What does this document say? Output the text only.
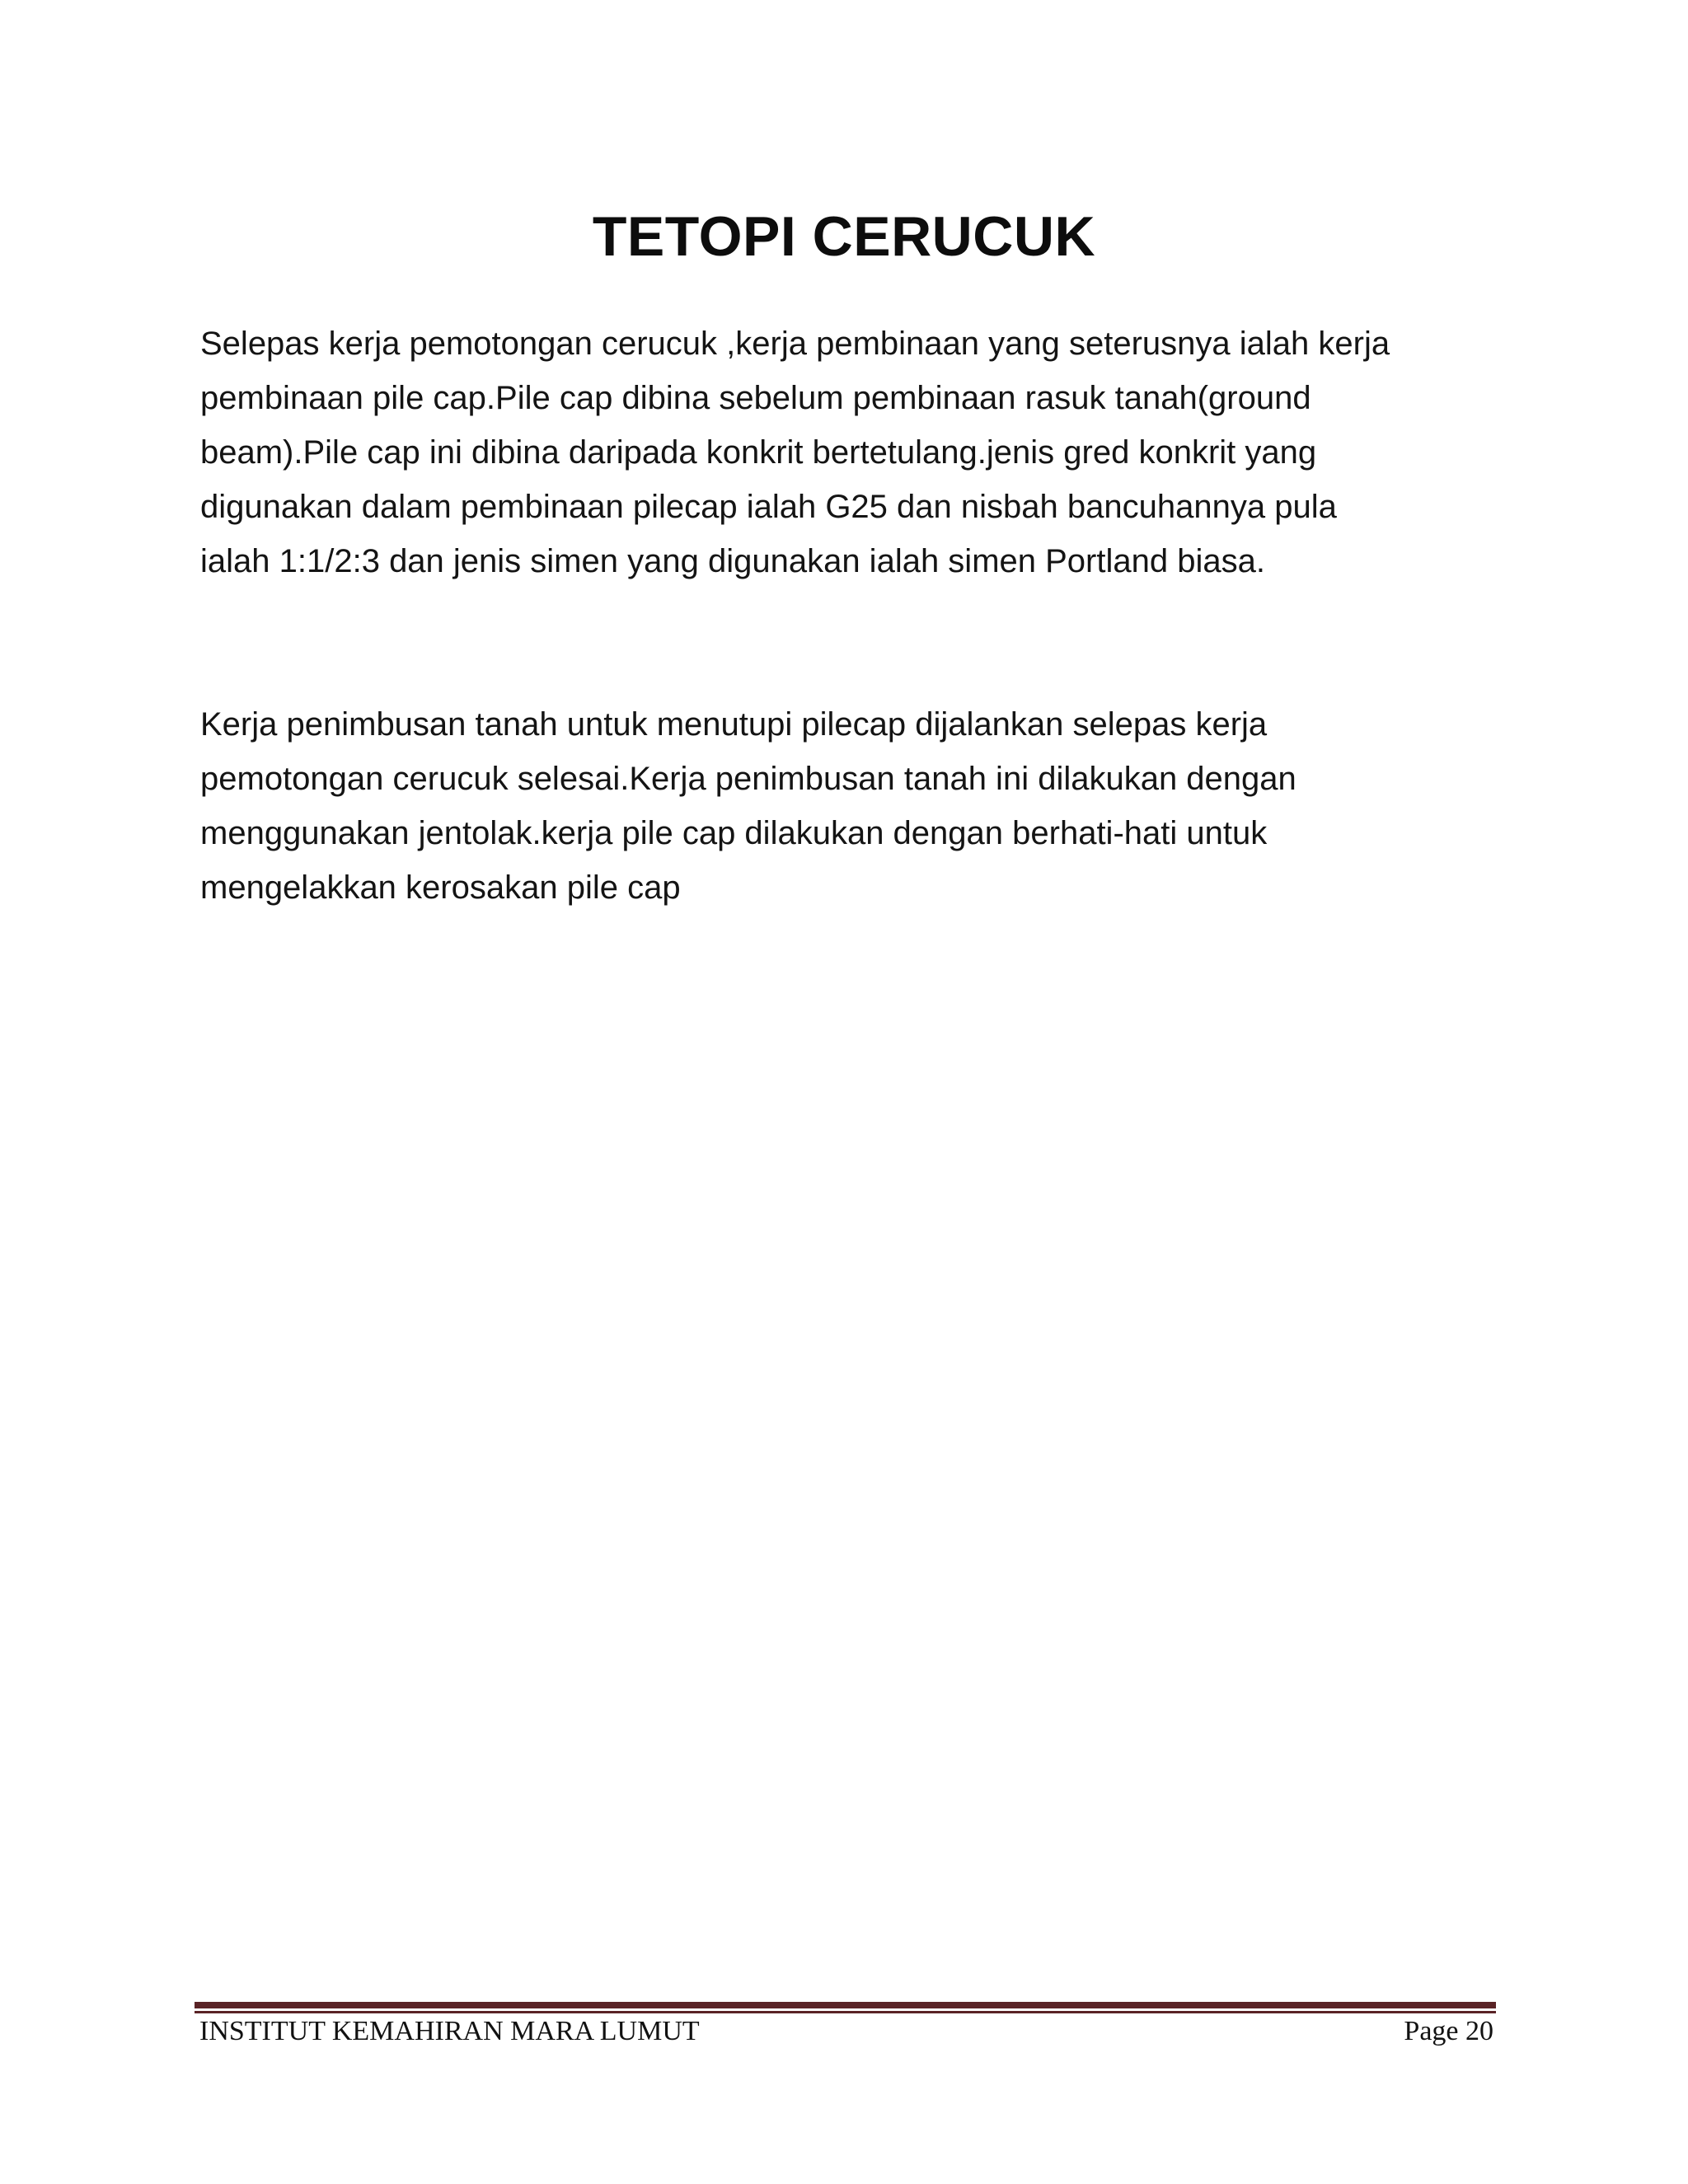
TETOPI CERUCUK

Selepas kerja pemotongan cerucuk ,kerja pembinaan yang seterusnya ialah kerja
pembinaan pile cap.Pile cap dibina sebelum pembinaan rasuk tanah(ground
beam).Pile cap ini dibina daripada konkrit bertetulang.jenis gred konkrit yang
digunakan dalam pembinaan pilecap ialah G25 dan nisbah bancuhannya pula
ialah 1:1/2:3 dan jenis simen yang digunakan ialah simen Portland biasa.

Kerja penimbusan tanah untuk menutupi pilecap dijalankan selepas kerja
pemotongan cerucuk selesai.Kerja penimbusan tanah ini dilakukan dengan
menggunakan jentolak.kerja pile cap dilakukan dengan berhati-hati untuk
mengelakkan kerosakan pile cap

INSTITUT KEMAHIRAN MARA LUMUT	Page 20
